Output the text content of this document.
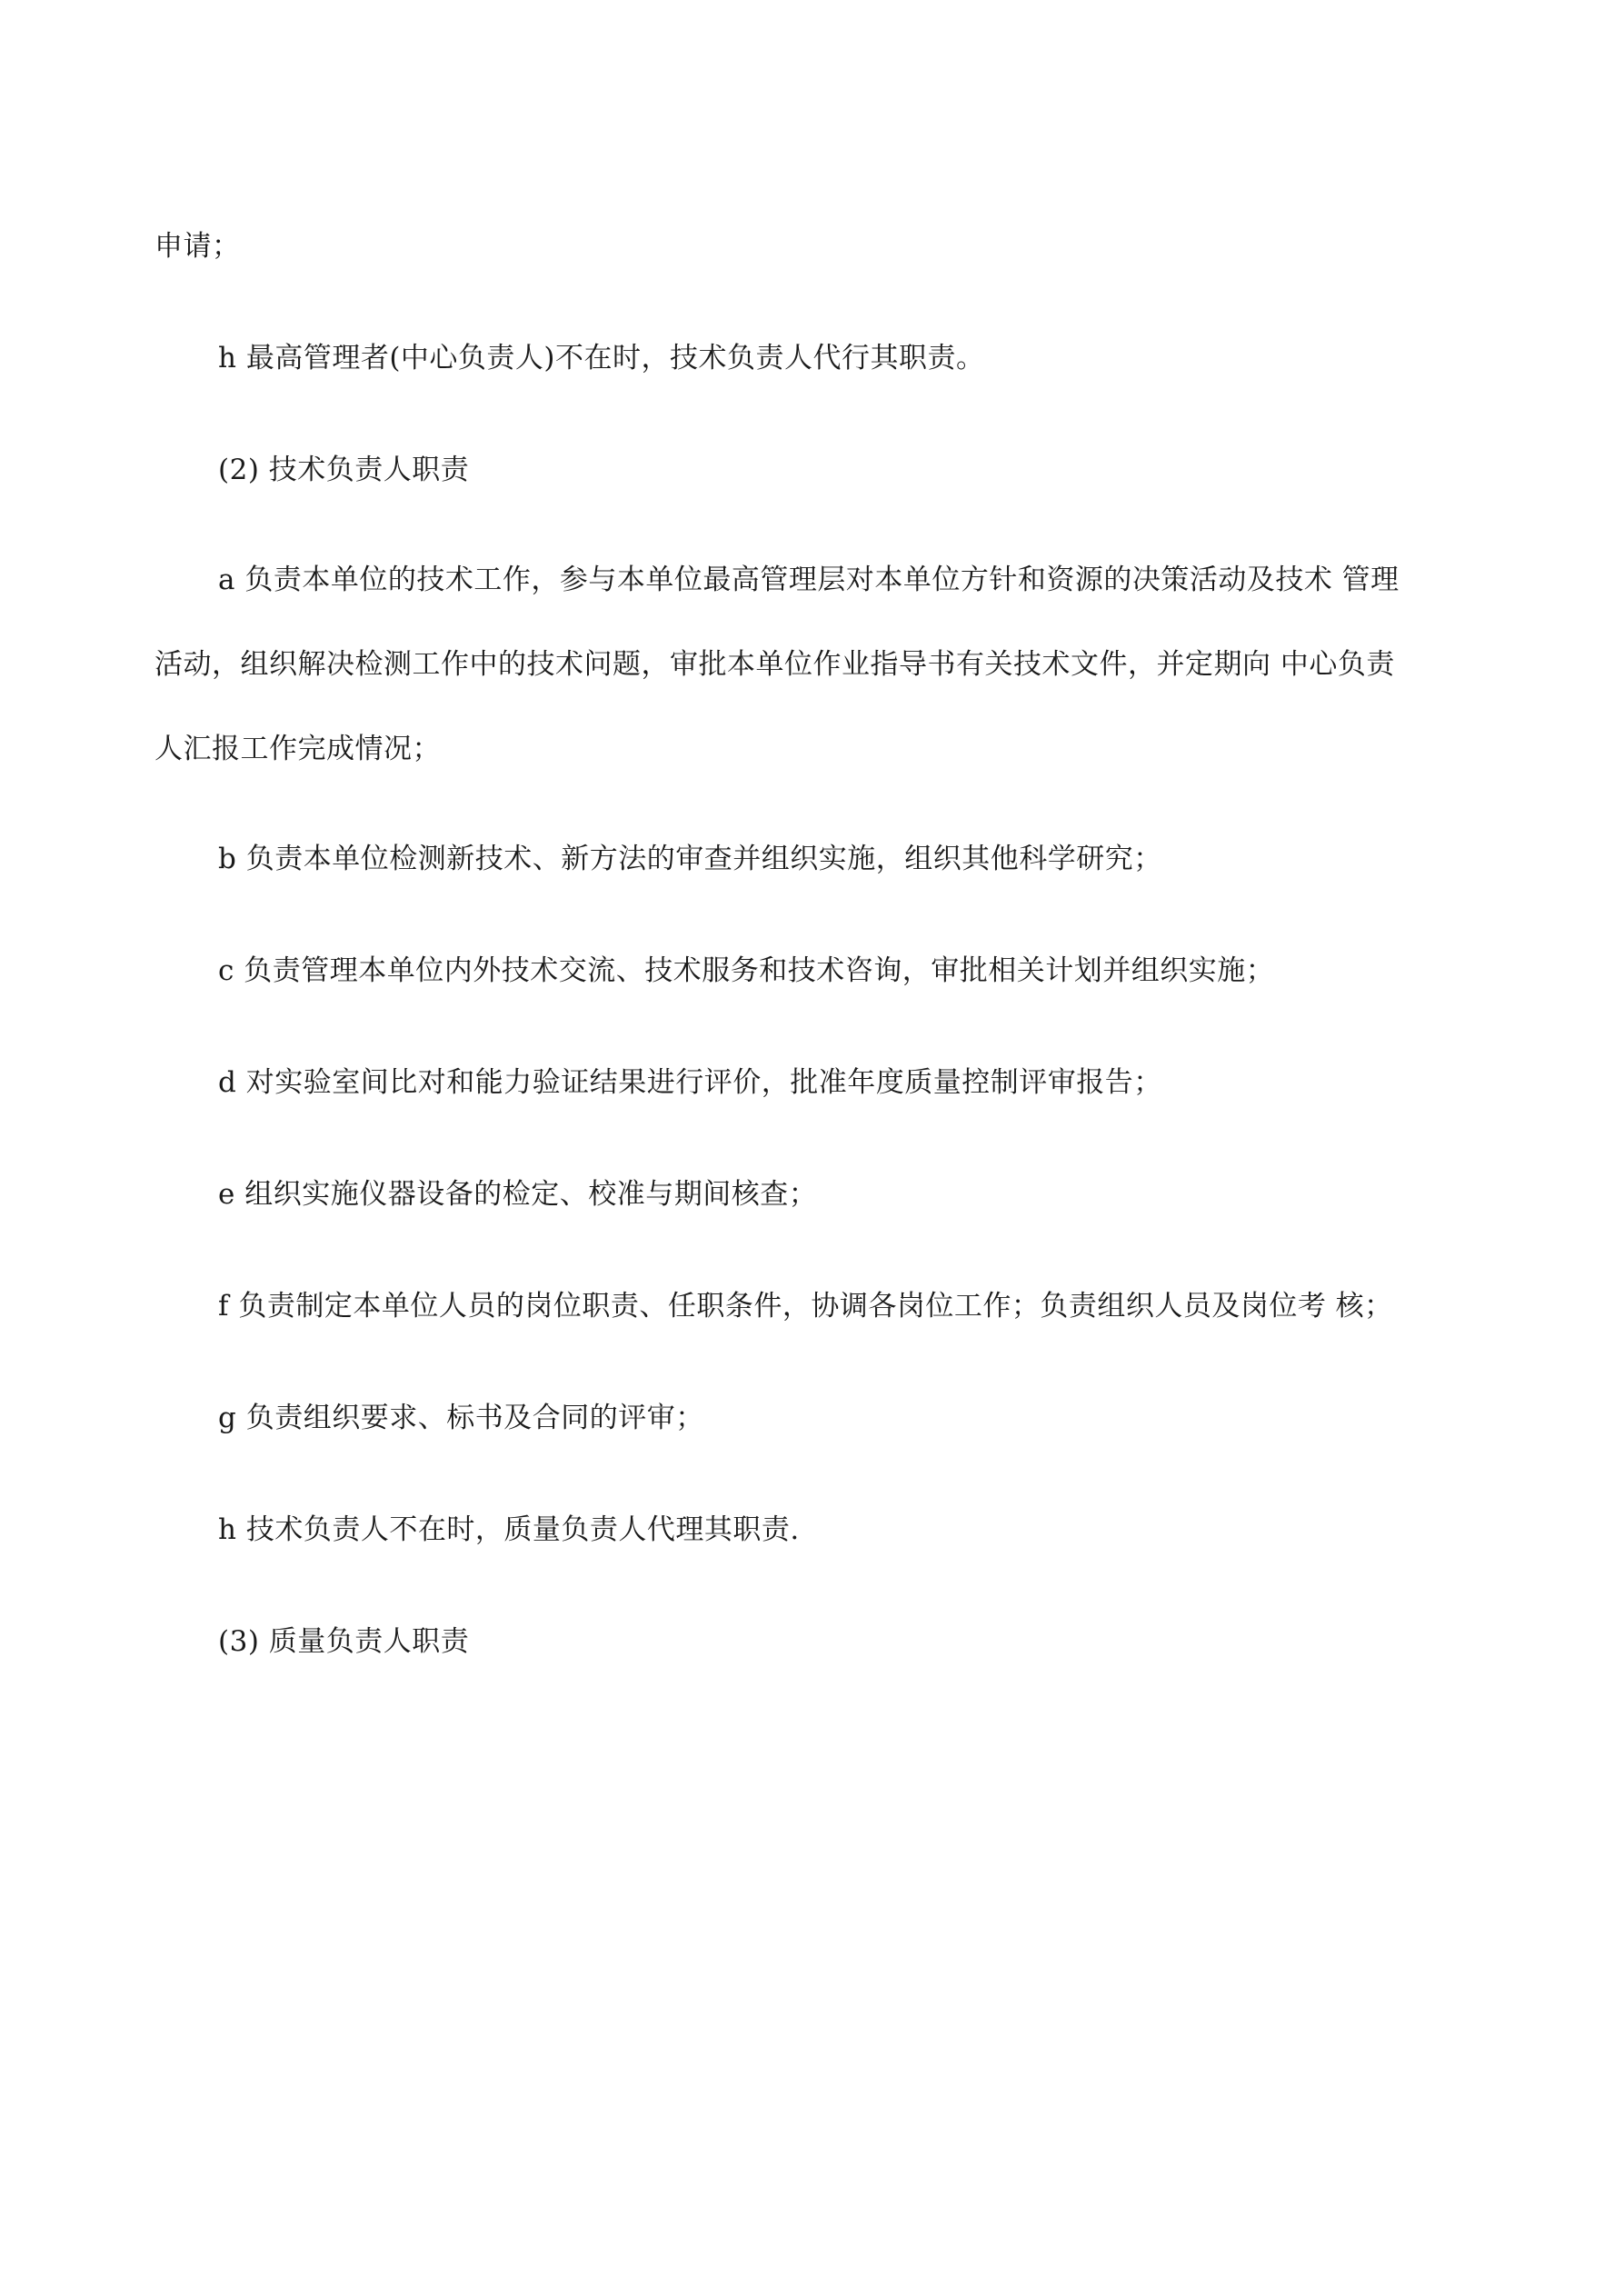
申请；
h 最高管理者(中心负责人)不在时，技术负责人代行其职责。
(2) 技术负责人职责
a 负责本单位的技术工作，参与本单位最高管理层对本单位方针和资源的决策活动及技术 管理
活动，组织解决检测工作中的技术问题，审批本单位作业指导书有关技术文件，并定期向 中心负责
人汇报工作完成情况；
b 负责本单位检测新技术、新方法的审查并组织实施，组织其他科学研究；
c 负责管理本单位内外技术交流、技术服务和技术咨询，审批相关计划并组织实施；
d 对实验室间比对和能力验证结果进行评价，批准年度质量控制评审报告；
e 组织实施仪器设备的检定、校准与期间核查；
f 负责制定本单位人员的岗位职责、任职条件，协调各岗位工作；负责组织人员及岗位考 核；
g 负责组织要求、标书及合同的评审；
h 技术负责人不在时，质量负责人代理其职责.
(3) 质量负责人职责
